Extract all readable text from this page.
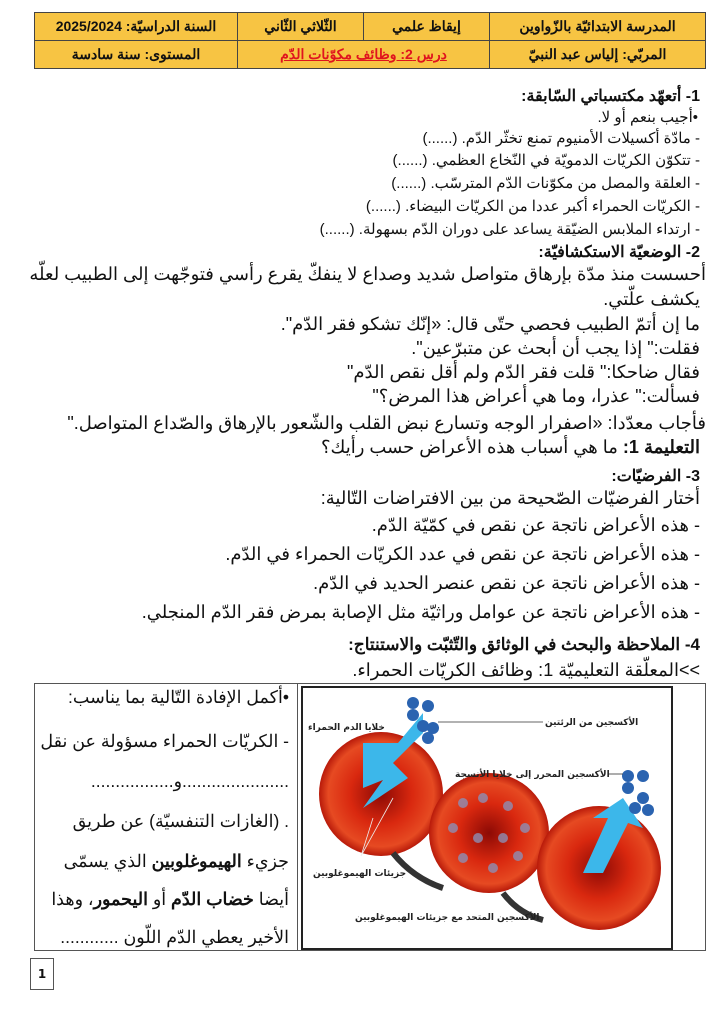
السنة الدراسيّة: 2025/2024	الثّلاثي الثّاني	إيقاظ علمي	المدرسة الابتدائيّة بالزّواوين
المستوى: سنة سادسة	درس 2: وظائف مكوّنات الدّم		المربّي: إلياس عبد النبيّ
1- أتعهّد مكتسباتي السّابقة:
•أجيب بنعم أو لا.
- مادّة أكسيلات الأمنيوم تمنع تخثّر الدّم. (......)
- تتكوّن الكريّات الدمويّة في النّخاع العظمي. (......)
- العلقة والمصل من مكوّنات الدّم المترسّب. (......)
- الكريّات الحمراء أكبر عددا من الكريّات البيضاء. (......)
- ارتداء الملابس الضيّقة يساعد على دوران الدّم بسهولة. (......)
2- الوضعيّة الاستكشافيّة:
أحسست منذ مدّة بإرهاق متواصل شديد وصداع لا ينفكّ يقرع رأسي فتوجّهت إلى الطبيب لعلّه
يكشف علّتي.
ما إن أتمّ الطبيب فحصي حتّى قال: «إنّك تشكو فقر الدّم".
فقلت:" إذا يجب أن أبحث عن متبرّعين".
فقال ضاحكا:" قلت فقر الدّم ولم أقل نقص الدّم"
فسألت:" عذرا، وما هي أعراض هذا المرض؟"
فأجاب معدّدا: «اصفرار الوجه وتسارع نبض القلب والشّعور بالإرهاق والصّداع المتواصل."
التعليمة 1: ما هي أسباب هذه الأعراض حسب رأيك؟
3- الفرضيّات:
أختار الفرضيّات الصّحيحة من بين الافتراضات التّالية:
- هذه الأعراض ناتجة عن نقص في كمّيّة الدّم.
- هذه الأعراض ناتجة عن نقص في عدد الكريّات الحمراء في الدّم.
- هذه الأعراض ناتجة عن نقص عنصر الحديد في الدّم.
- هذه الأعراض ناتجة عن عوامل وراثيّة مثل الإصابة بمرض فقر الدّم المنجلي.
4- الملاحظة والبحث في الوثائق والتّثبّت والاستنتاج:
>>المعلّقة التعليميّة 1: وظائف الكريّات الحمراء.
•أكمل الإفادة التّالية بما يناسب:
- الكريّات الحمراء مسؤولة عن نقل
......................و.................
. (الغازات التنفسيّة) عن طريق
جزيء الهيموغلوبين الذي يسمّى
أيضا خضاب الدّم أو اليحمور، وهذا
الأخير يعطي الدّم اللّون ............
الأكسجين من الرئتين
خلايا الدم الحمراء
الأكسجين المحرر إلى خلايا الأنسجة
جزيئات الهيموغلوبين
الأكسجين المتحد مع جزيئات الهيموغلوبين
1
